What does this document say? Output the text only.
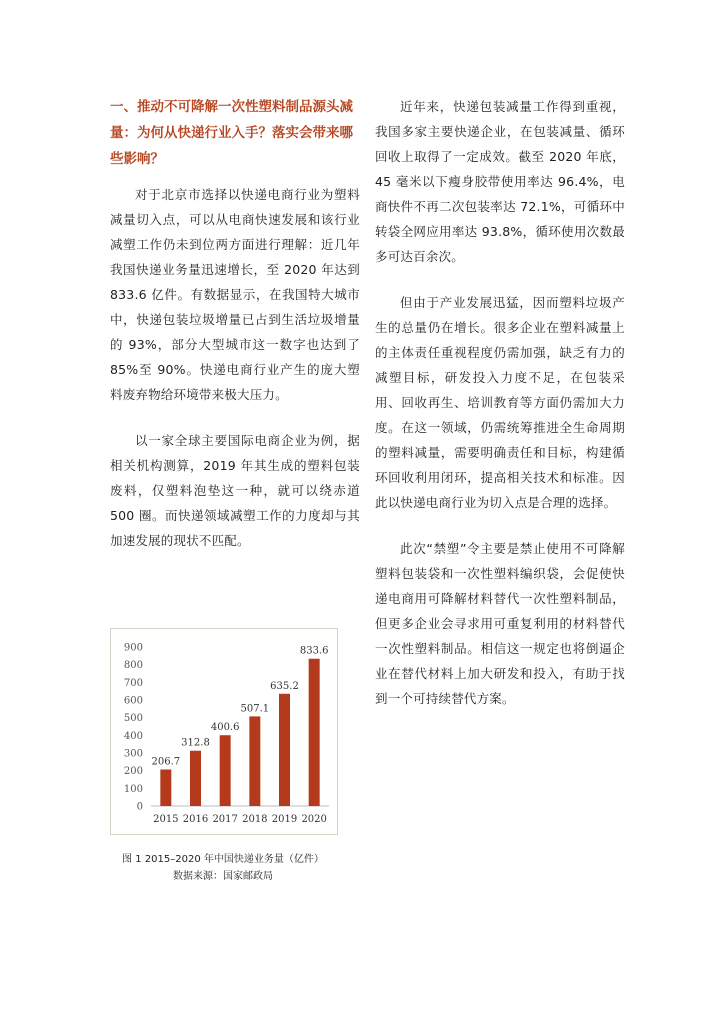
一、推动不可降解一次性塑料制品源头减量：为何从快递行业入手？落实会带来哪些影响？

对于北京市选择以快递电商行业为塑料减量切入点，可以从电商快速发展和该行业减塑工作仍未到位两方面进行理解：近几年我国快递业务量迅速增长，至 2020 年达到 833.6 亿件。有数据显示，在我国特大城市中，快递包装垃圾增量已占到生活垃圾增量的 93%，部分大型城市这一数字也达到了 85%至 90%。快递电商行业产生的庞大塑料废弃物给环境带来极大压力。

以一家全球主要国际电商企业为例，据相关机构测算，2019 年其生成的塑料包装废料，仅塑料泡垫这一种，就可以绕赤道 500 圈。而快递领域减塑工作的力度却与其加速发展的现状不匹配。

近年来，快递包装减量工作得到重视，我国多家主要快递企业，在包装减量、循环回收上取得了一定成效。截至 2020 年底，45 毫米以下瘦身胶带使用率达 96.4%，电商快件不再二次包装率达 72.1%，可循环中转袋全网应用率达 93.8%，循环使用次数最多可达百余次。

但由于产业发展迅猛，因而塑料垃圾产生的总量仍在增长。很多企业在塑料减量上的主体责任重视程度仍需加强，缺乏有力的减塑目标，研发投入力度不足，在包装采用、回收再生、培训教育等方面仍需加大力度。在这一领域，仍需统筹推进全生命周期的塑料减量，需要明确责任和目标，构建循环回收利用闭环，提高相关技术和标准。因此以快递电商行业为切入点是合理的选择。

此次“禁塑”令主要是禁止使用不可降解塑料包装袋和一次性塑料编织袋，会促使快递电商用可降解材料替代一次性塑料制品，但更多企业会寻求用可重复利用的材料替代一次性塑料制品。相信这一规定也将倒逼企业在替代材料上加大研发和投入，有助于找到一个可持续替代方案。

0
100
200
300
400
500
600
700
800
900
206.7
2015
312.8
2016
400.6
2017
507.1
2018
635.2
2019
833.6
2020
图 1 2015–2020 年中国快递业务量（亿件）
数据来源：国家邮政局
